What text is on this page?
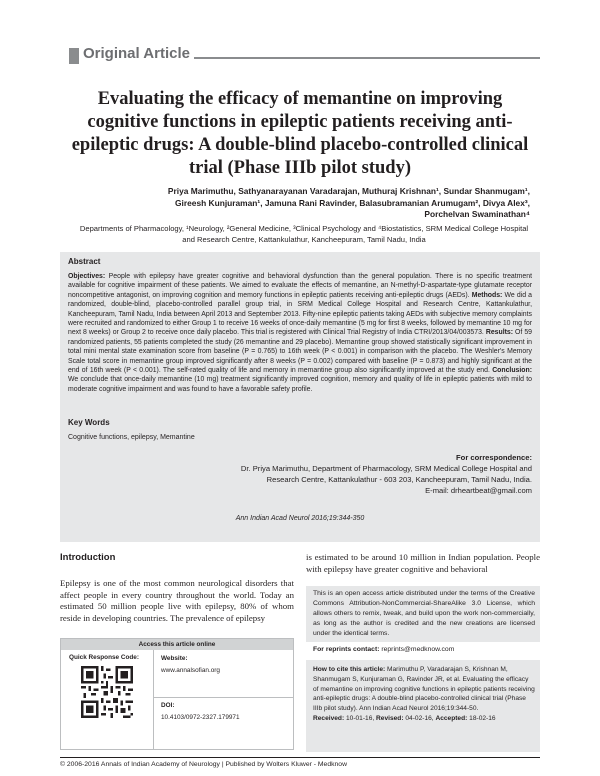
Original Article
Evaluating the efficacy of memantine on improving cognitive functions in epileptic patients receiving anti-epileptic drugs: A double-blind placebo-controlled clinical trial (Phase IIIb pilot study)
Priya Marimuthu, Sathyanarayanan Varadarajan, Muthuraj Krishnan¹, Sundar Shanmugam¹,
Gireesh Kunjuraman¹, Jamuna Rani Ravinder, Balasubramanian Arumugam², Divya Alex³,
Porchelvan Swaminathan⁴
Departments of Pharmacology, ¹Neurology, ²General Medicine, ³Clinical Psychology and ⁴Biostatistics, SRM Medical College Hospital and Research Centre, Kattankulathur, Kancheepuram, Tamil Nadu, India
Abstract
Objectives: People with epilepsy have greater cognitive and behavioral dysfunction than the general population. There is no specific treatment available for cognitive impairment of these patients. We aimed to evaluate the effects of memantine, an N-methyl-D-aspartate-type glutamate receptor noncompetitive antagonist, on improving cognition and memory functions in epileptic patients receiving anti-epileptic drugs (AEDs). Methods: We did a randomized, double-blind, placebo-controlled parallel group trial, in SRM Medical College Hospital and Research Centre, Kattankulathur, Kancheepuram, Tamil Nadu, India between April 2013 and September 2013. Fifty-nine epileptic patients taking AEDs with subjective memory complaints were recruited and randomized to either Group 1 to receive 16 weeks of once-daily memantine (5 mg for first 8 weeks, followed by memantine 10 mg for next 8 weeks) or Group 2 to receive once daily placebo. This trial is registered with Clinical Trial Registry of India CTRI/2013/04/003573. Results: Of 59 randomized patients, 55 patients completed the study (26 memantine and 29 placebo). Memantine group showed statistically significant improvement in total mini mental state examination score from baseline (P = 0.765) to 16th week (P < 0.001) in comparison with the placebo. The Weshler's Memory Scale total score in memantine group improved significantly after 8 weeks (P = 0.002) compared with baseline (P = 0.873) and highly significant at the end of 16th week (P < 0.001). The self-rated quality of life and memory in memantine group also significantly improved at the study end. Conclusion: We conclude that once-daily memantine (10 mg) treatment significantly improved cognition, memory and quality of life in epileptic patients with mild to moderate cognitive impairment and was found to have a favorable safety profile.
Key Words
Cognitive functions, epilepsy, Memantine
For correspondence:
Dr. Priya Marimuthu, Department of Pharmacology, SRM Medical College Hospital and
Research Centre, Kattankulathur - 603 203, Kancheepuram, Tamil Nadu, India.
E-mail: drheartbeat@gmail.com
Ann Indian Acad Neurol 2016;19:344-350
Introduction

Epilepsy is one of the most common neurological disorders that affect people in every country throughout the world. Today an estimated 50 million people live with epilepsy, 80% of whom reside in developing countries. The prevalence of epilepsy

Access this article online
Quick Response Code:	Website:
www.annalsofian.org
DOI:
10.4103/0972-2327.179971

is estimated to be around 10 million in Indian population. People with epilepsy have greater cognitive and behavioral

This is an open access article distributed under the terms of the Creative Commons Attribution-NonCommercial-ShareAlike 3.0 License, which allows others to remix, tweak, and build upon the work non-commercially, as long as the author is credited and the new creations are licensed under the identical terms.
For reprints contact: reprints@medknow.com
How to cite this article: Marimuthu P, Varadarajan S, Krishnan M, Shanmugam S, Kunjuraman G, Ravinder JR, et al. Evaluating the efficacy of memantine on improving cognitive functions in epileptic patients receiving anti-epileptic drugs: A double-blind placebo-controlled clinical trial (Phase IIIb pilot study). Ann Indian Acad Neurol 2016;19:344-50.
Received: 10-01-16, Revised: 04-02-16, Accepted: 18-02-16
© 2006-2016 Annals of Indian Academy of Neurology | Published by Wolters Kluwer - Medknow
